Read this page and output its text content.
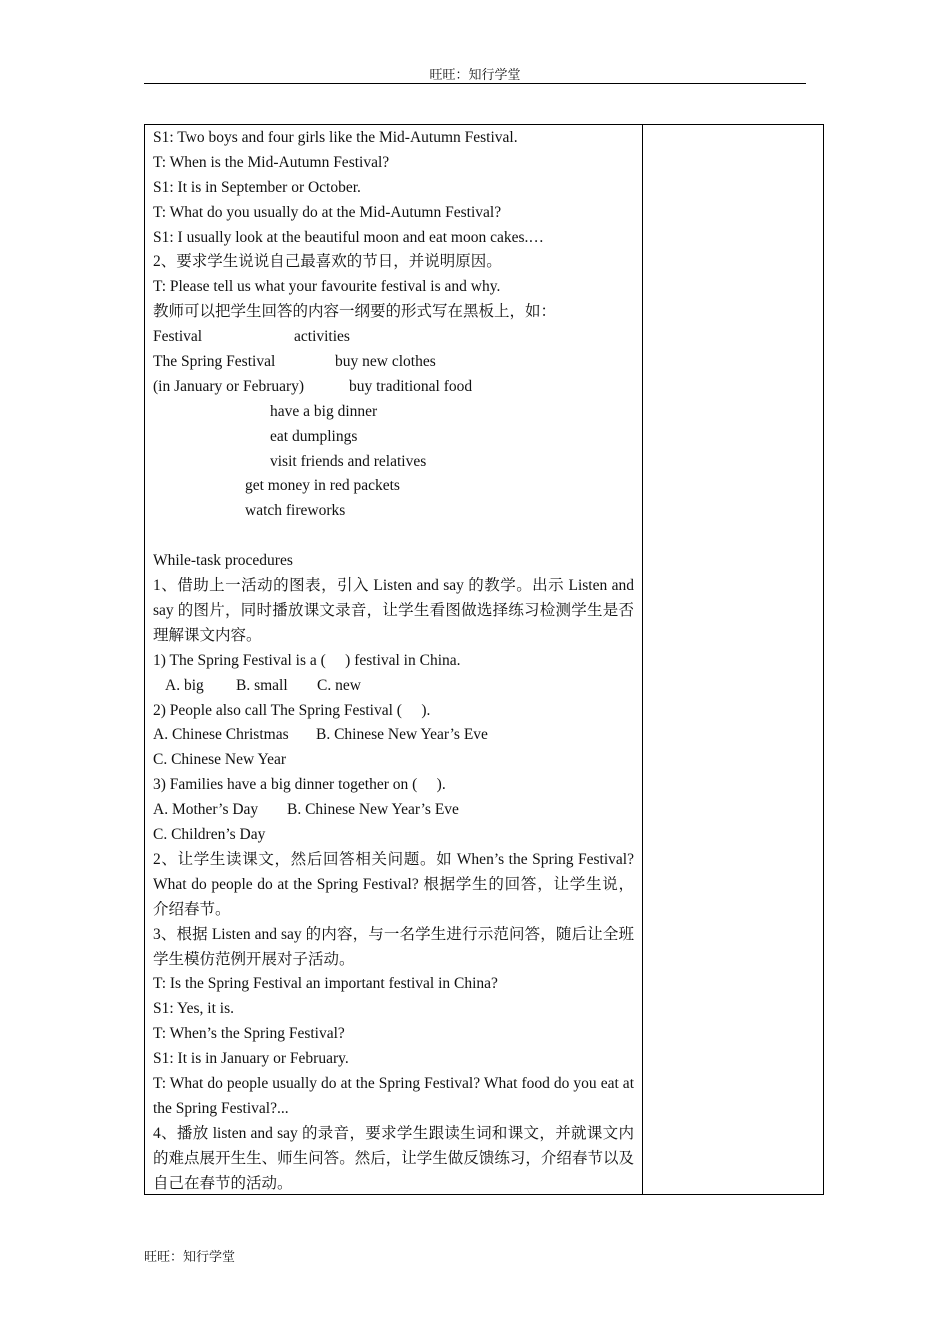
旺旺：知行学堂
S1: Two boys and four girls like the Mid-Autumn Festival.
T: When is the Mid-Autumn Festival?
S1: It is in September or October.
T: What do you usually do at the Mid-Autumn Festival?
S1: I usually look at the beautiful moon and eat moon cakes.…
2、要求学生说说自己最喜欢的节日，并说明原因。
T: Please tell us what your favourite festival is and why.
教师可以把学生回答的内容一纲要的形式写在黑板上，如：
Festival	activities
The Spring Festival	buy new clothes
(in January or February)	buy traditional food
have a big dinner
eat dumplings
visit friends and relatives
get money in red packets
watch fireworks
While-task procedures
1、借助上一活动的图表，引入 Listen and say 的教学。出示 Listen and say 的图片，同时播放课文录音，让学生看图做选择练习检测学生是否理解课文内容。
1) The Spring Festival is a (     ) festival in China.
A. big B. small C. new
2) People also call The Spring Festival (     ).
A. Chinese Christmas B. Chinese New Year’s Eve
C. Chinese New Year
3) Families have a big dinner together on (     ).
A. Mother’s Day B. Chinese New Year’s Eve
C. Children’s Day
2、让学生读课文，然后回答相关问题。如 When’s the Spring Festival? What do people do at the Spring Festival? 根据学生的回答，让学生说，介绍春节。
3、根据 Listen and say 的内容，与一名学生进行示范问答，随后让全班学生模仿范例开展对子活动。
T: Is the Spring Festival an important festival in China?
S1: Yes, it is.
T: When’s the Spring Festival?
S1: It is in January or February.
T: What do people usually do at the Spring Festival? What food do you eat at the Spring Festival?...
4、播放 listen and say 的录音，要求学生跟读生词和课文，并就课文内的难点展开生生、师生问答。然后，让学生做反馈练习，介绍春节以及自己在春节的活动。
旺旺：知行学堂
